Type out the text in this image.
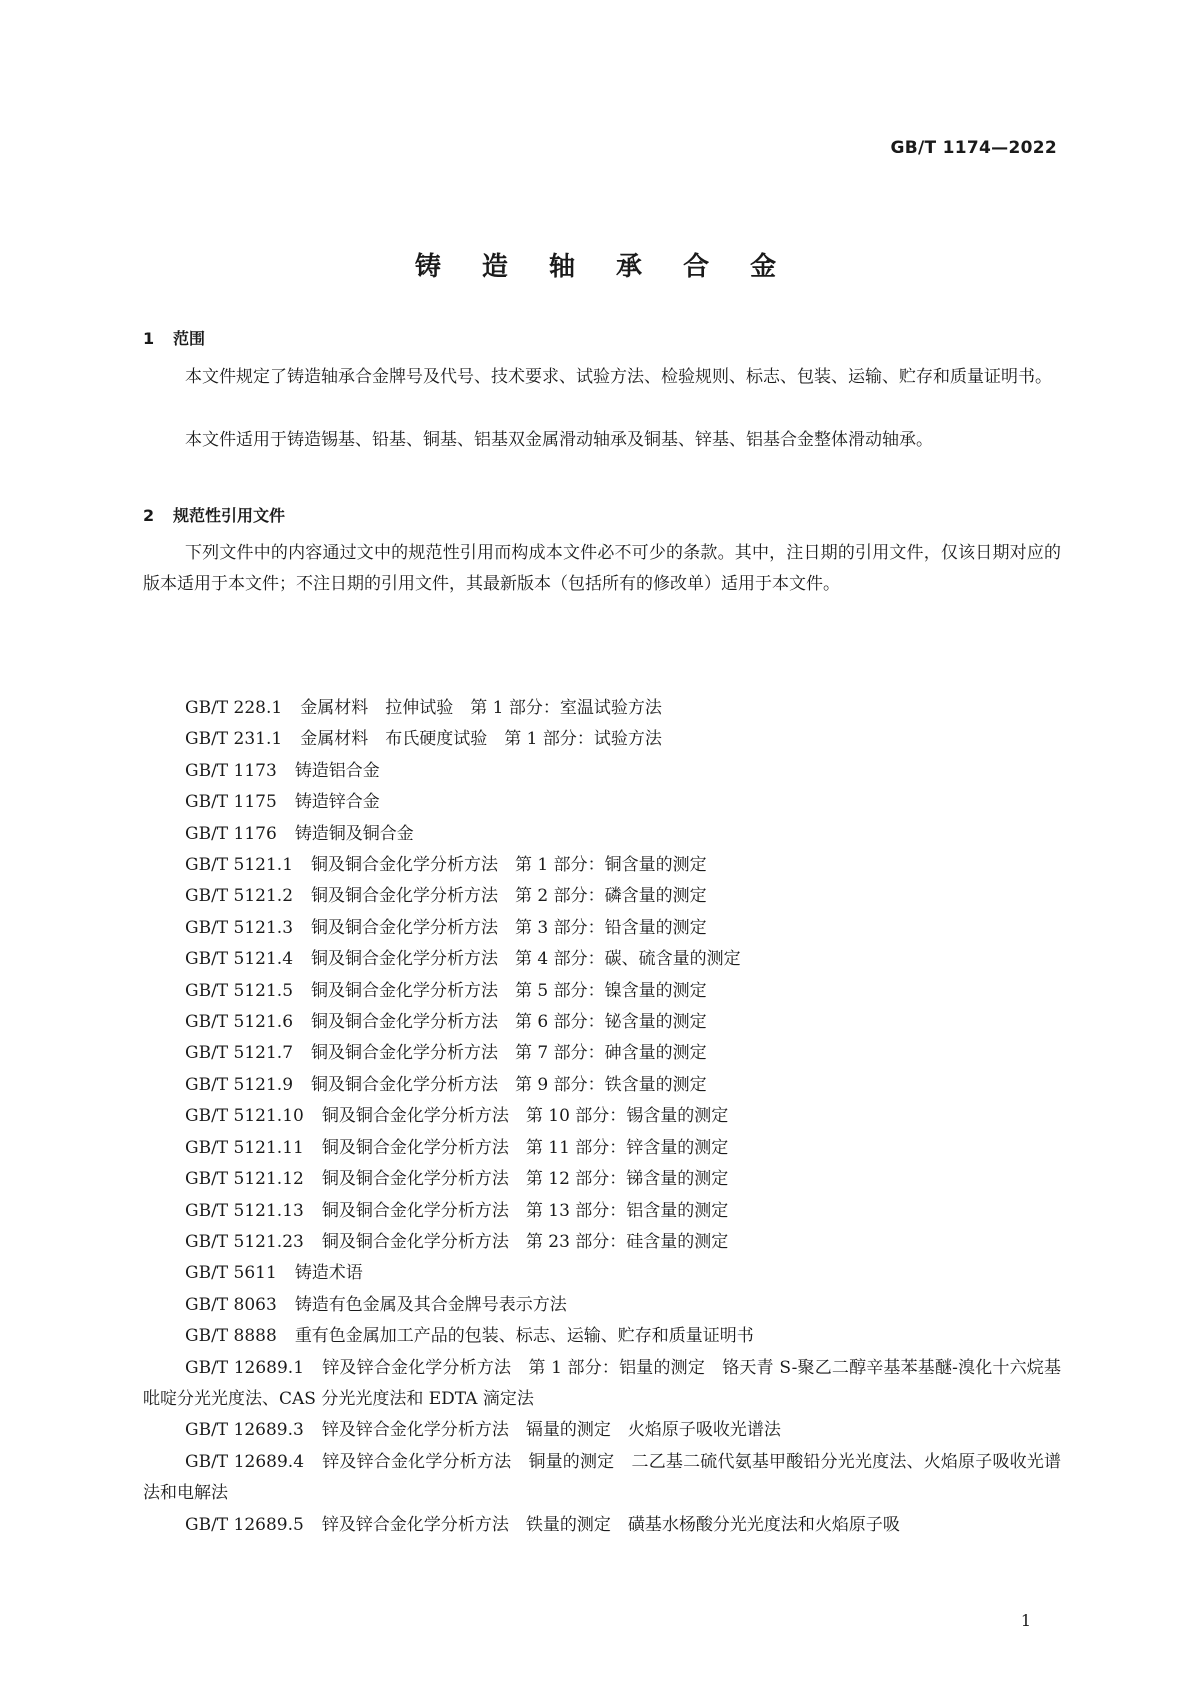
GB/T 1174—2022
铸 造 轴 承 合 金
1 范围

本文件规定了铸造轴承合金牌号及代号、技术要求、试验方法、检验规则、标志、包装、运输、贮存和质量证明书。

本文件适用于铸造锡基、铅基、铜基、铝基双金属滑动轴承及铜基、锌基、铝基合金整体滑动轴承。

2 规范性引用文件

下列文件中的内容通过文中的规范性引用而构成本文件必不可少的条款。其中，注日期的引用文件，仅该日期对应的版本适用于本文件；不注日期的引用文件，其最新版本（包括所有的修改单）适用于本文件。

GB/T 228.1 金属材料　拉伸试验　第 1 部分：室温试验方法
GB/T 231.1 金属材料　布氏硬度试验　第 1 部分：试验方法
GB/T 1173 铸造铝合金
GB/T 1175 铸造锌合金
GB/T 1176 铸造铜及铜合金
GB/T 5121.1 铜及铜合金化学分析方法　第 1 部分：铜含量的测定
GB/T 5121.2 铜及铜合金化学分析方法　第 2 部分：磷含量的测定
GB/T 5121.3 铜及铜合金化学分析方法　第 3 部分：铅含量的测定
GB/T 5121.4 铜及铜合金化学分析方法　第 4 部分：碳、硫含量的测定
GB/T 5121.5 铜及铜合金化学分析方法　第 5 部分：镍含量的测定
GB/T 5121.6 铜及铜合金化学分析方法　第 6 部分：铋含量的测定
GB/T 5121.7 铜及铜合金化学分析方法　第 7 部分：砷含量的测定
GB/T 5121.9 铜及铜合金化学分析方法　第 9 部分：铁含量的测定
GB/T 5121.10 铜及铜合金化学分析方法　第 10 部分：锡含量的测定
GB/T 5121.11 铜及铜合金化学分析方法　第 11 部分：锌含量的测定
GB/T 5121.12 铜及铜合金化学分析方法　第 12 部分：锑含量的测定
GB/T 5121.13 铜及铜合金化学分析方法　第 13 部分：铝含量的测定
GB/T 5121.23 铜及铜合金化学分析方法　第 23 部分：硅含量的测定
GB/T 5611 铸造术语
GB/T 8063 铸造有色金属及其合金牌号表示方法
GB/T 8888 重有色金属加工产品的包装、标志、运输、贮存和质量证明书
GB/T 12689.1 锌及锌合金化学分析方法　第 1 部分：铝量的测定　铬天青 S-聚乙二醇辛基苯基醚-溴化十六烷基吡啶分光光度法、CAS 分光光度法和 EDTA 滴定法
GB/T 12689.3 锌及锌合金化学分析方法　镉量的测定　火焰原子吸收光谱法
GB/T 12689.4 锌及锌合金化学分析方法　铜量的测定　二乙基二硫代氨基甲酸铅分光光度法、火焰原子吸收光谱法和电解法
GB/T 12689.5 锌及锌合金化学分析方法　铁量的测定　磺基水杨酸分光光度法和火焰原子吸
1
